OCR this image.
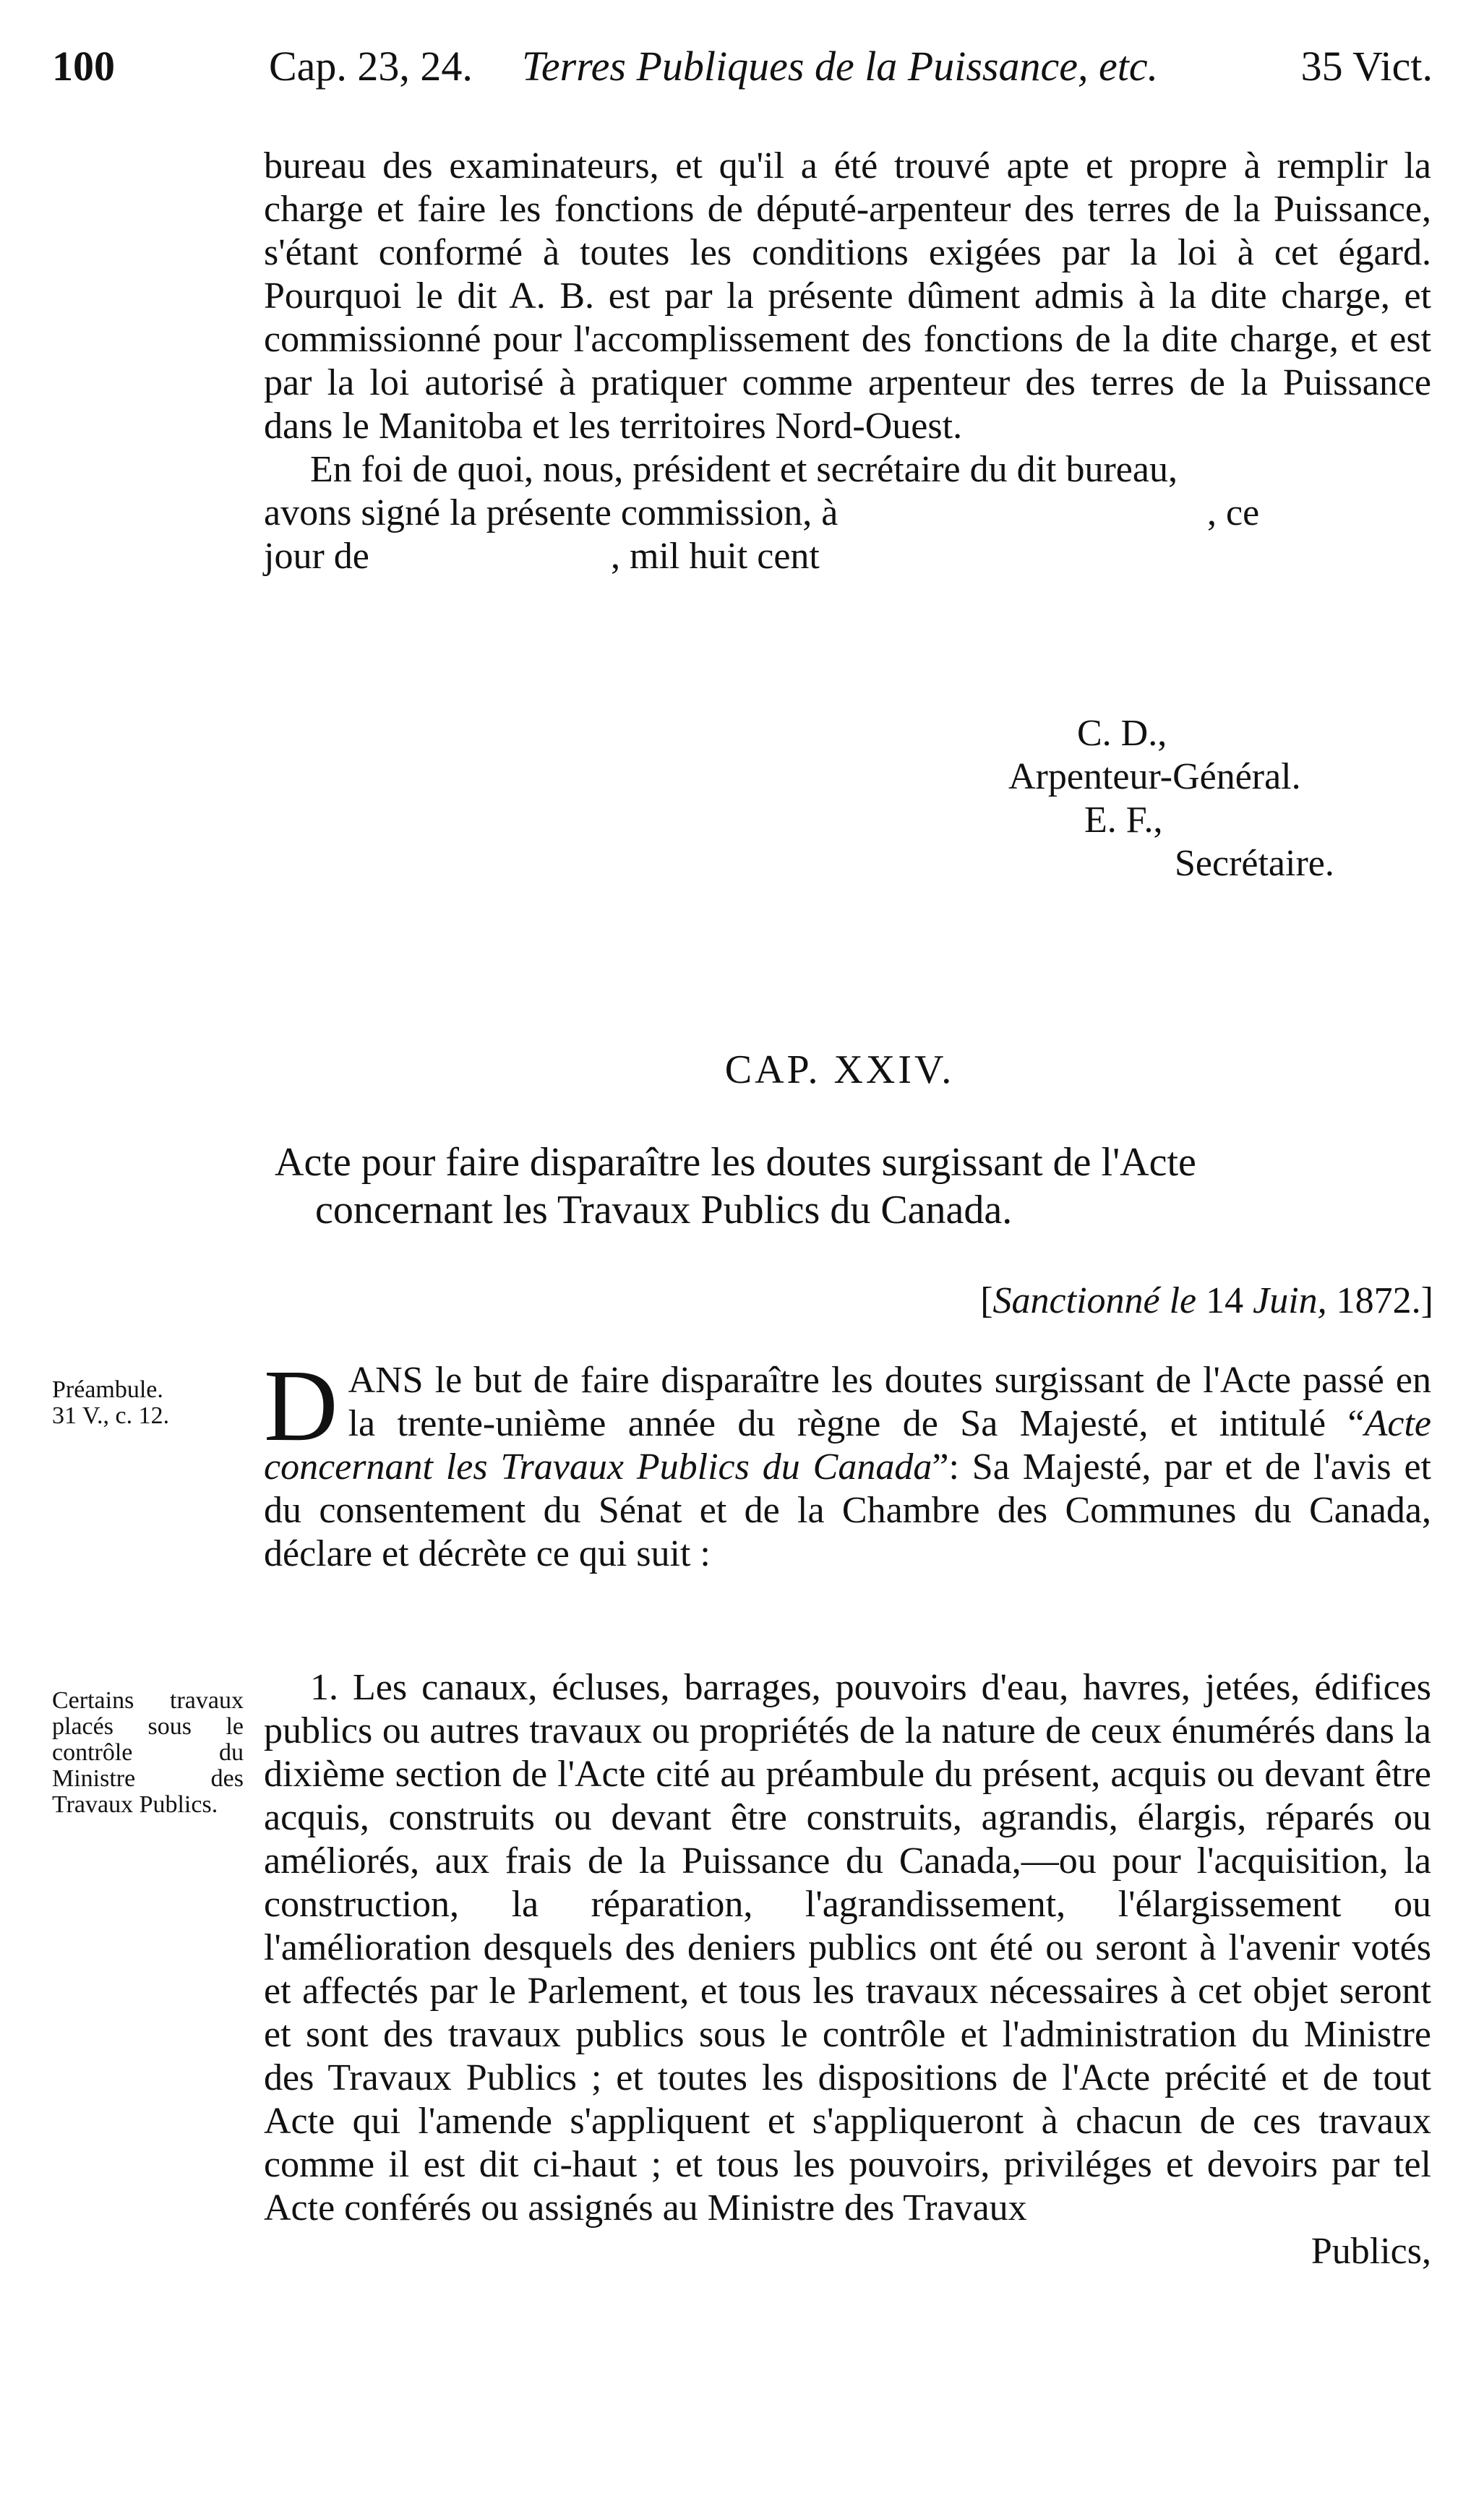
100	Cap. 23, 24. Terres Publiques de la Puissance, etc.	35 Vict.

bureau des examinateurs, et qu'il a été trouvé apte et propre à remplir la charge et faire les fonctions de député-arpenteur des terres de la Puissance, s'étant conformé à toutes les conditions exigées par la loi à cet égard. Pourquoi le dit A. B. est par la présente dûment admis à la dite charge, et commissionné pour l'accomplissement des fonctions de la dite charge, et est par la loi autorisé à pratiquer comme arpenteur des terres de la Puissance dans le Manitoba et les territoires Nord-Ouest.

En foi de quoi, nous, président et secrétaire du dit bureau,

avons signé la présente commission, à	, ce
jour de	, mil huit cent
C. D.,
Arpenteur-Général.
E. F.,
Secrétaire.
CAP. XXIV.
Acte pour faire disparaître les doutes surgissant de l'Acte
concernant les Travaux Publics du Canada.
[Sanctionné le 14 Juin, 1872.]
Préambule.
31 V., c. 12. DANS le but de faire disparaître les doutes surgissant de l'Acte passé en la trente-unième année du règne de Sa Majesté, et intitulé “Acte concernant les Travaux Publics du Canada”: Sa Majesté, par et de l'avis et du consentement du Sénat et de la Chambre des Communes du Canada, déclare et décrète ce qui suit :

Certains travaux placés sous le contrôle du Ministre des Travaux Publics.

1. Les canaux, écluses, barrages, pouvoirs d'eau, havres, jetées, édifices publics ou autres travaux ou propriétés de la nature de ceux énumérés dans la dixième section de l'Acte cité au préambule du présent, acquis ou devant être acquis, construits ou devant être construits, agrandis, élargis, réparés ou améliorés, aux frais de la Puissance du Canada,—ou pour l'acquisition, la construction, la réparation, l'agrandissement, l'élargissement ou l'amélioration desquels des deniers publics ont été ou seront à l'avenir votés et affectés par le Parlement, et tous les travaux nécessaires à cet objet seront et sont des travaux publics sous le contrôle et l'administration du Ministre des Travaux Publics ; et toutes les dispositions de l'Acte précité et de tout Acte qui l'amende s'appliquent et s'appliqueront à chacun de ces travaux comme il est dit ci-haut ; et tous les pouvoirs, priviléges et devoirs par tel Acte conférés ou assignés au Ministre des Travaux

Publics,
